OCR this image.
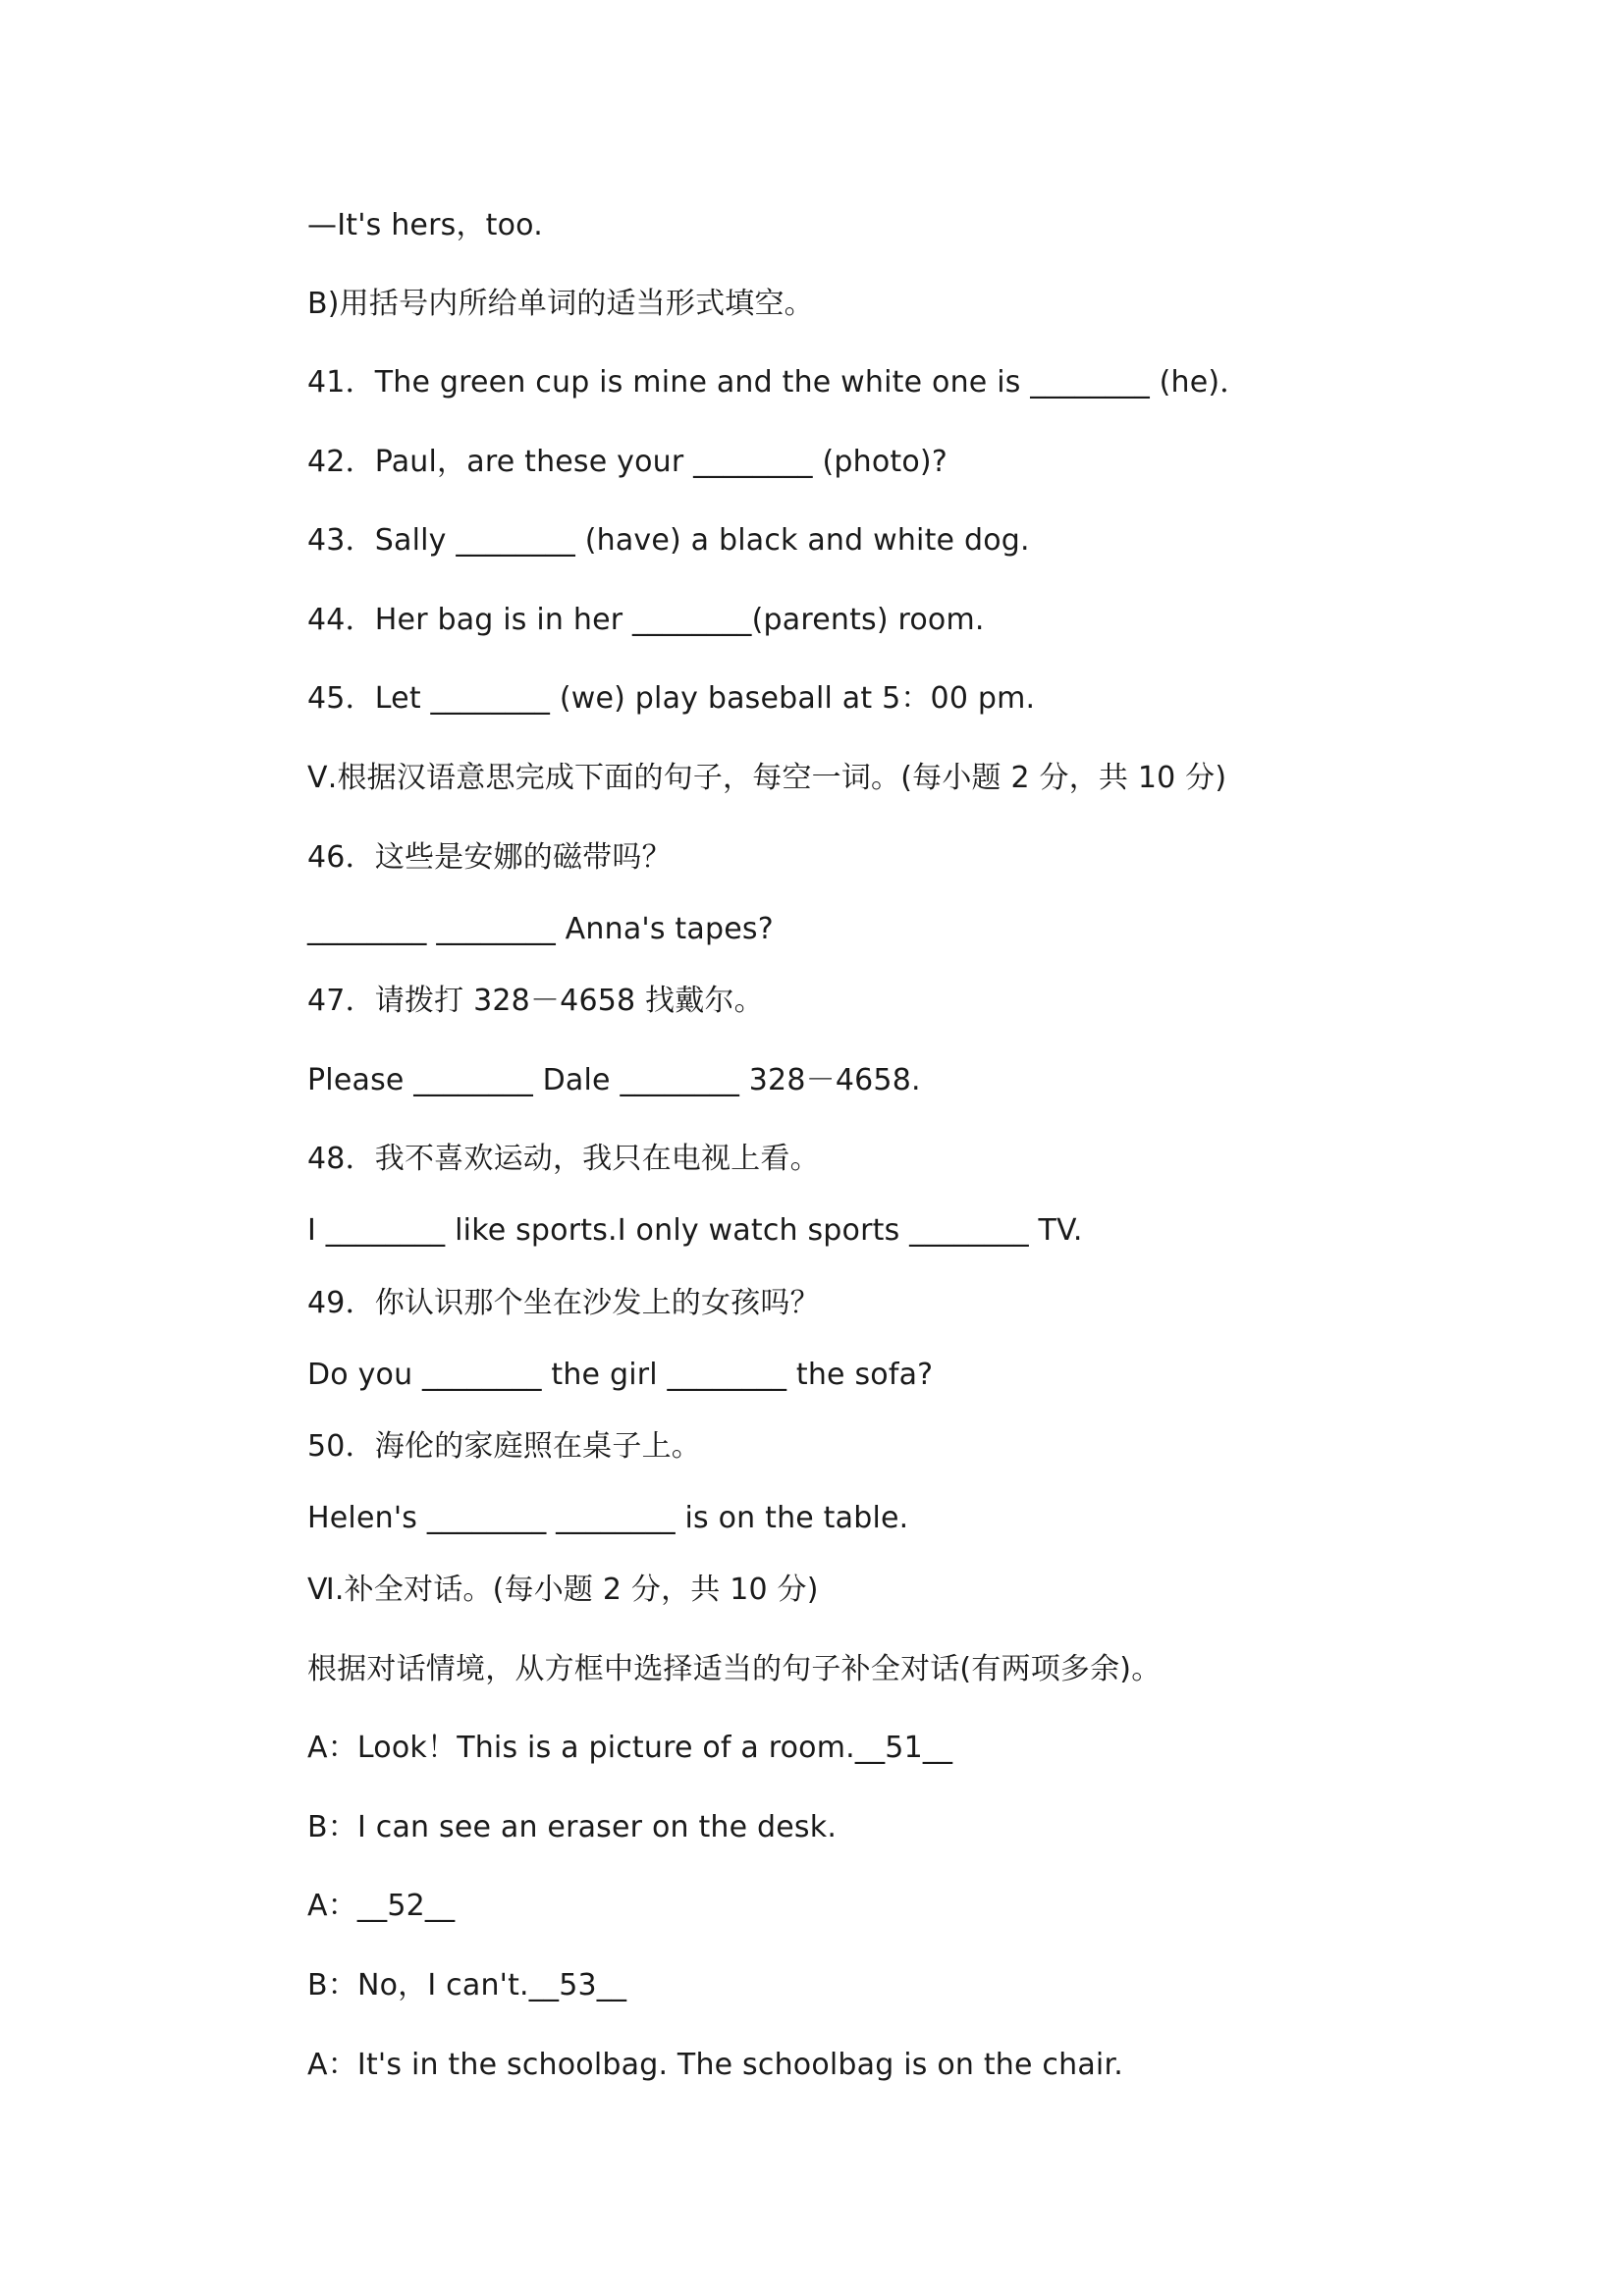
—It's hers，too.

B)用括号内所给单词的适当形式填空。

41．The green cup is mine and the white one is ________ (he)．

42．Paul，are these your ________ (photo)?

43．Sally ________ (have) a black and white dog.

44．Her bag is in her ________(parents) room.

45．Let ________ (we) play baseball at 5：00 pm.

Ⅴ.根据汉语意思完成下面的句子，每空一词。(每小题 2 分，共 10 分)

46．这些是安娜的磁带吗？

________ ________ Anna's tapes?

47．请拨打 328－4658 找戴尔。

Please ________ Dale ________ 328－4658.

48．我不喜欢运动，我只在电视上看。

I ________ like sports.I only watch sports ________ TV.

49．你认识那个坐在沙发上的女孩吗？

Do you ________ the girl ________ the sofa?

50．海伦的家庭照在桌子上。

Helen's ________ ________ is on the table.

Ⅵ.补全对话。(每小题 2 分，共 10 分)

根据对话情境，从方框中选择适当的句子补全对话(有两项多余)。

A：Look！This is a picture of a room.__51__

B：I can see an eraser on the desk.

A：__52__

B：No，I can't.__53__

A：It's in the schoolbag. The schoolbag is on the chair.
